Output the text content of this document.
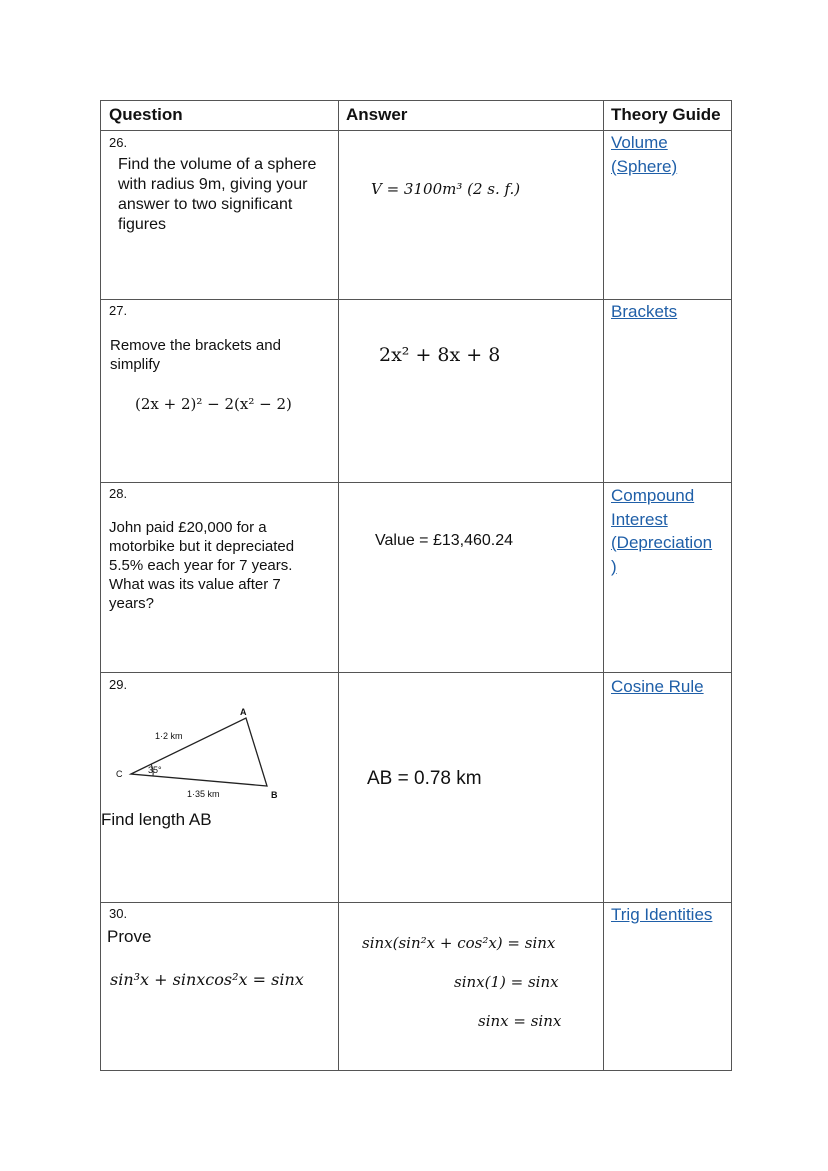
Question	Answer	Theory Guide
26.
Find the volume of a sphere with radius 9m, giving your answer to two significant figures
V = 3100m³ (2 s. f.)
Volume
(Sphere)
27.
Remove the brackets and simplify
(2x + 2)² − 2(x² − 2)
2x² + 8x + 8
Brackets
28.
John paid £20,000 for a motorbike but it depreciated 5.5% each year for 7 years. What was its value after 7 years?
Value = £13,460.24
Compound
Interest
(Depreciation
)
29.
A
B
C
1·2 km
1·35 km
35°
Find length AB
AB = 0.78 km
Cosine Rule
30.
Prove
sin³x + sinxcos²x = sinx
sinx(sin²x + cos²x) = sinx
sinx(1) = sinx
sinx = sinx
Trig Identities
